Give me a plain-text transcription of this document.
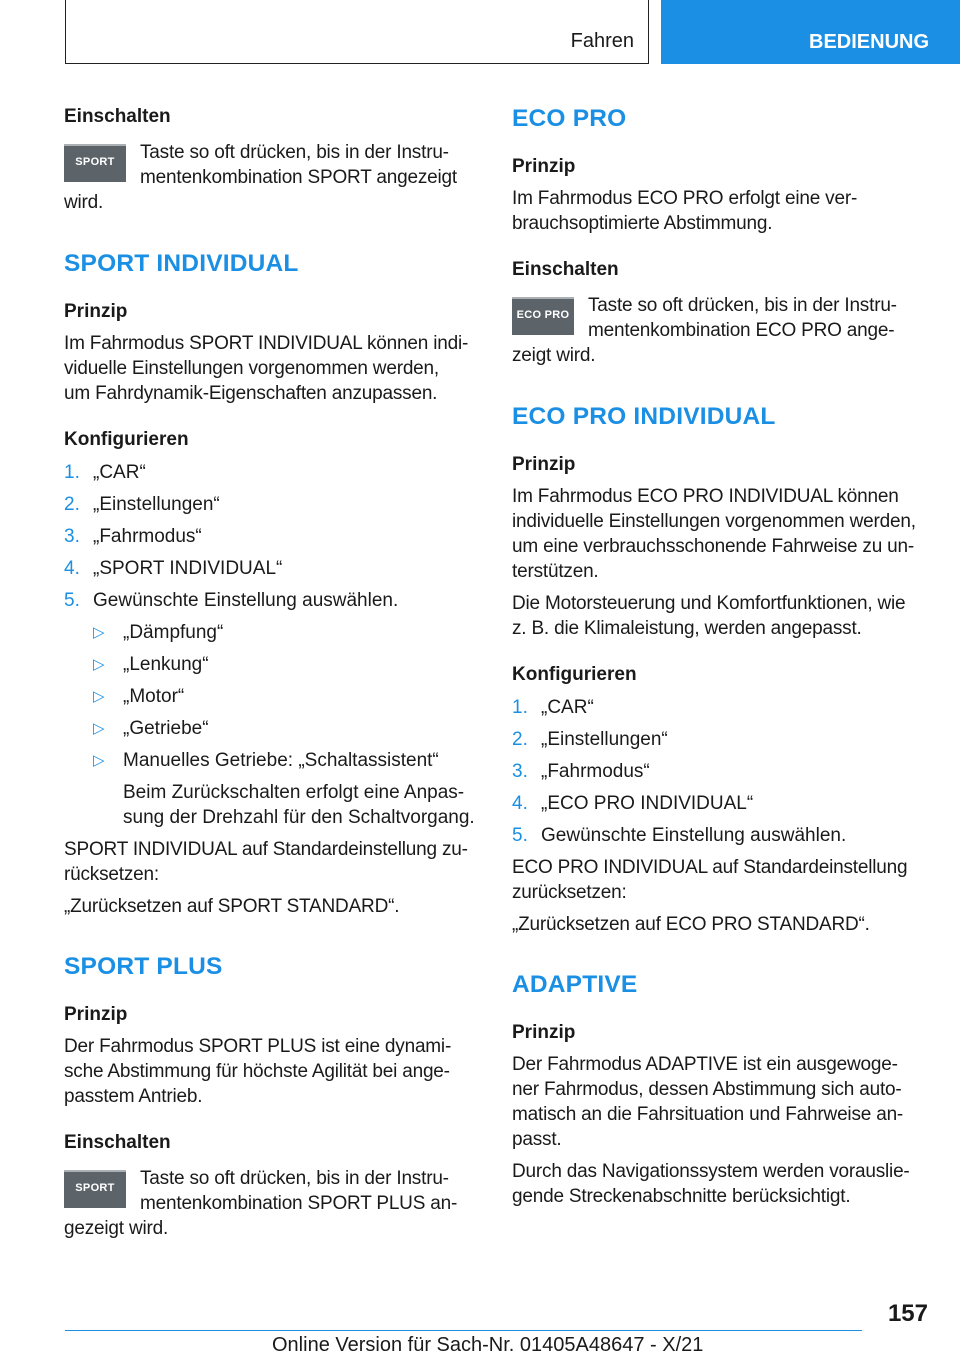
Fahren	BEDIENUNG

Einschalten

SPORT	Taste so oft drücken, bis in der Instru-

mentenkombination SPORT angezeigt

wird.

SPORT INDIVIDUAL

Prinzip

Im Fahrmodus SPORT INDIVIDUAL können indi-

viduelle Einstellungen vorgenommen werden,

um Fahrdynamik-Eigenschaften anzupassen.

Konfigurieren

1. „CAR“
2. „Einstellungen“
3. „Fahrmodus“
4. „SPORT INDIVIDUAL“
5. Gewünschte Einstellung auswählen.
▷ „Dämpfung“
▷ „Lenkung“
▷ „Motor“
▷ „Getriebe“
▷ Manuelles Getriebe: „Schaltassistent“
Beim Zurückschalten erfolgt eine Anpas-
sung der Drehzahl für den Schaltvorgang.

SPORT INDIVIDUAL auf Standardeinstellung zu-

rücksetzen:

„Zurücksetzen auf SPORT STANDARD“.

SPORT PLUS

Prinzip

Der Fahrmodus SPORT PLUS ist eine dynami-

sche Abstimmung für höchste Agilität bei ange-

passtem Antrieb.

Einschalten

SPORT	Taste so oft drücken, bis in der Instru-

mentenkombination SPORT PLUS an-

gezeigt wird.

ECO PRO

Prinzip

Im Fahrmodus ECO PRO erfolgt eine ver-

brauchsoptimierte Abstimmung.

Einschalten

ECO PRO Taste so oft drücken, bis in der Instru-

mentenkombination ECO PRO ange-

zeigt wird.

ECO PRO INDIVIDUAL

Prinzip

Im Fahrmodus ECO PRO INDIVIDUAL können

individuelle Einstellungen vorgenommen werden,

um eine verbrauchsschonende Fahrweise zu un-

terstützen.

Die Motorsteuerung und Komfortfunktionen, wie

z. B. die Klimaleistung, werden angepasst.

Konfigurieren

1. „CAR“
2. „Einstellungen“
3. „Fahrmodus“
4. „ECO PRO INDIVIDUAL“
5. Gewünschte Einstellung auswählen.

ECO PRO INDIVIDUAL auf Standardeinstellung

zurücksetzen:

„Zurücksetzen auf ECO PRO STANDARD“.

ADAPTIVE

Prinzip

Der Fahrmodus ADAPTIVE ist ein ausgewoge-

ner Fahrmodus, dessen Abstimmung sich auto-

matisch an die Fahrsituation und Fahrweise an-

passt.

Durch das Navigationssystem werden vorauslie-

gende Streckenabschnitte berücksichtigt.

157
Online Version für Sach-Nr. 01405A48647 - X/21
